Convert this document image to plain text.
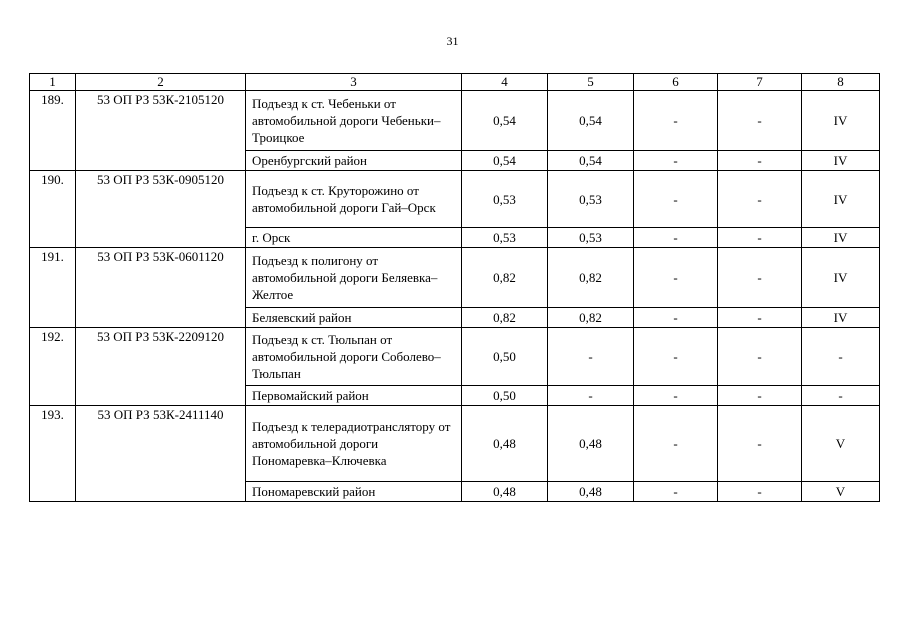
31
1	2	3	4	5	6	7	8
189.	53 ОП РЗ 53К-2105120	Подъезд к ст. Чебеньки от автомобильной дороги Чебеньки–Троицкое	0,54	0,54	-	-	IV
		Оренбургский район	0,54	0,54	-	-	IV
190.	53 ОП РЗ 53К-0905120	Подъезд к ст. Круторожино от автомобильной дороги Гай–Орск	0,53	0,53	-	-	IV
		г. Орск	0,53	0,53	-	-	IV
191.	53 ОП РЗ 53К-0601120	Подъезд к полигону от автомобильной дороги Беляевка–Желтое	0,82	0,82	-	-	IV
		Беляевский район	0,82	0,82	-	-	IV
192.	53 ОП РЗ 53К-2209120	Подъезд к ст. Тюльпан от автомобильной дороги Соболево–Тюльпан	0,50	-	-	-	-
		Первомайский район	0,50	-	-	-	-
193.	53 ОП РЗ 53К-2411140	Подъезд к телерадиотранслятору от автомобильной дороги Пономаревка–Ключевка	0,48	0,48	-	-	V
		Пономаревский район	0,48	0,48	-	-	V
